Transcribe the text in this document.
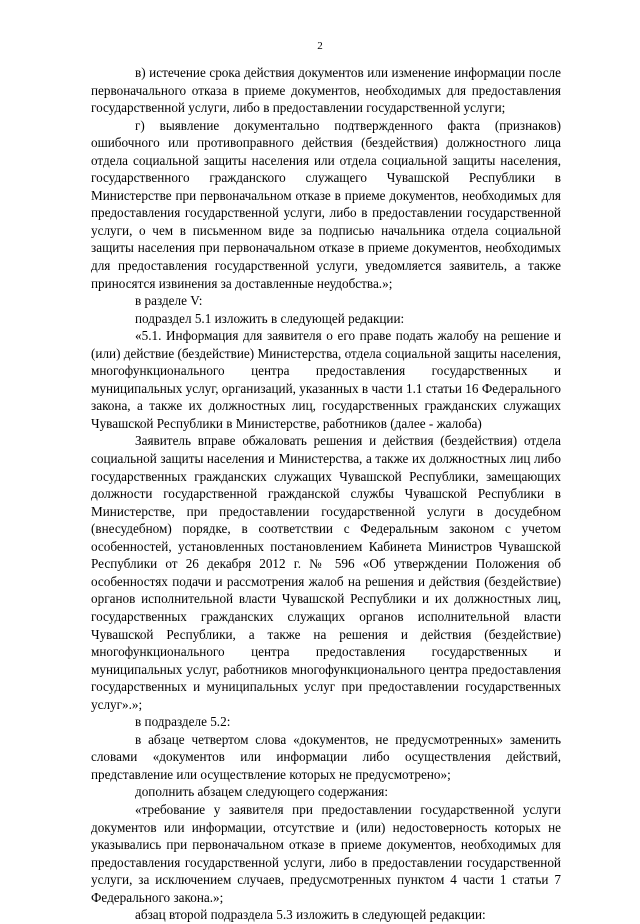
2

в) истечение срока действия документов или изменение информации после первоначального отказа в приеме документов, необходимых для предоставления государственной услуги, либо в предоставлении государственной услуги;

г) выявление документально подтвержденного факта (признаков) ошибочного или противоправного действия (бездействия) должностного лица отдела социальной защиты населения или отдела социальной защиты населения, государственного гражданского служащего Чувашской Республики в Министерстве при первоначальном отказе в приеме документов, необходимых для предоставления государственной услуги, либо в предоставлении государственной услуги, о чем в письменном виде за подписью начальника отдела социальной защиты населения при первоначальном отказе в приеме документов, необходимых для предоставления государственной услуги, уведомляется заявитель, а также приносятся извинения за доставленные неудобства.»;

в разделе V:

подраздел 5.1 изложить в следующей редакции:

«5.1. Информация для заявителя о его праве подать жалобу на решение и (или) действие (бездействие) Министерства, отдела социальной защиты населения, многофункционального центра предоставления государственных и муниципальных услуг, организаций, указанных в части 1.1 статьи 16 Федерального закона, а также их должностных лиц, государственных гражданских служащих Чувашской Республики в Министерстве, работников (далее - жалоба)

Заявитель вправе обжаловать решения и действия (бездействия) отдела социальной защиты населения и Министерства, а также их должностных лиц либо государственных гражданских служащих Чувашской Республики, замещающих должности государственной гражданской службы Чувашской Республики в Министерстве, при предоставлении государственной услуги в досудебном (внесудебном) порядке, в соответствии с Федеральным законом с учетом особенностей, установленных постановлением Кабинета Министров Чувашской Республики от 26 декабря 2012 г. № 596 «Об утверждении Положения об особенностях подачи и рассмотрения жалоб на решения и действия (бездействие) органов исполнительной власти Чувашской Республики и их должностных лиц, государственных гражданских служащих органов исполнительной власти Чувашской Республики, а также на решения и действия (бездействие) многофункционального центра предоставления государственных и муниципальных услуг, работников многофункционального центра предоставления государственных и муниципальных услуг при предоставлении государственных услуг».»;

в подразделе 5.2:

в абзаце четвертом слова «документов, не предусмотренных» заменить словами «документов или информации либо осуществления действий, представление или осуществление которых не предусмотрено»;

дополнить абзацем следующего содержания:

«требование у заявителя при предоставлении государственной услуги документов или информации, отсутствие и (или) недостоверность которых не указывались при первоначальном отказе в приеме документов, необходимых для предоставления государственной услуги, либо в предоставлении государственной услуги, за исключением случаев, предусмотренных пунктом 4 части 1 статьи 7 Федерального закона.»;

абзац второй подраздела 5.3 изложить в следующей редакции:
